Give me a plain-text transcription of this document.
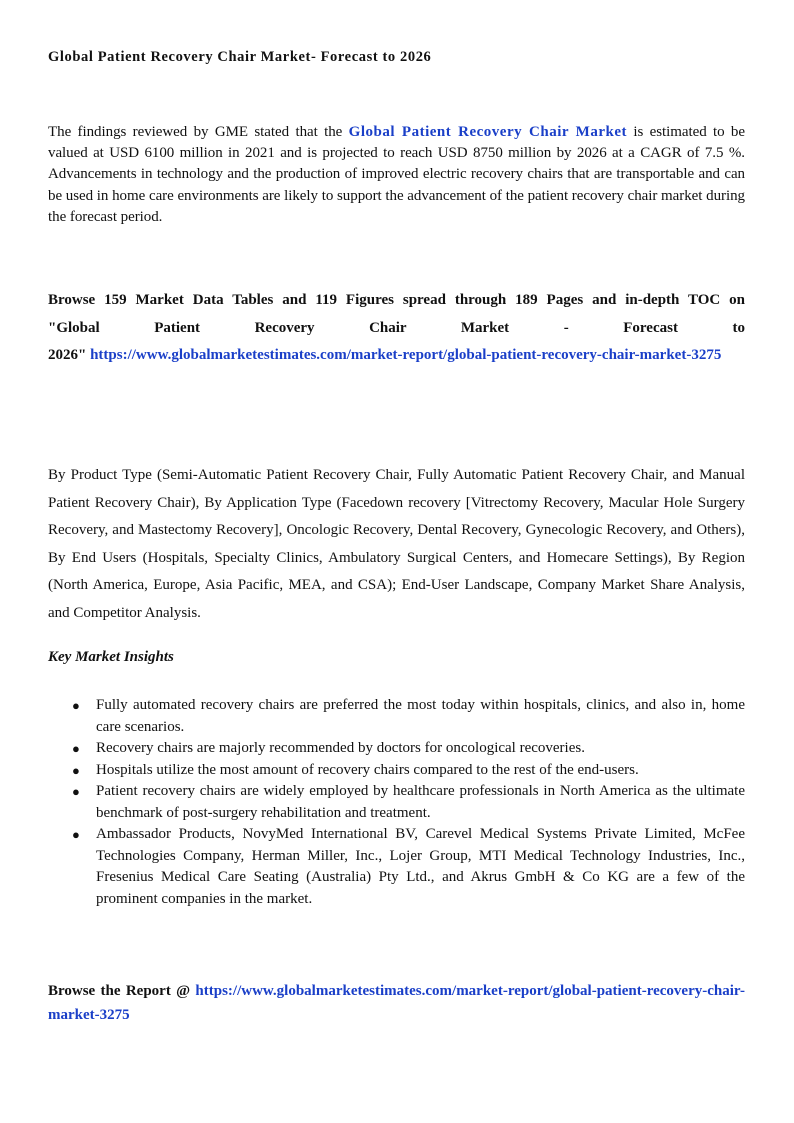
Global Patient Recovery Chair Market- Forecast to 2026

The findings reviewed by GME stated that the Global Patient Recovery Chair Market is estimated to be valued at USD 6100 million in 2021 and is projected to reach USD 8750 million by 2026 at a CAGR of 7.5 %. Advancements in technology and the production of improved electric recovery chairs that are transportable and can be used in home care environments are likely to support the advancement of the patient recovery chair market during the forecast period.

Browse 159 Market Data Tables and 119 Figures spread through 189 Pages and in-depth TOC on
"Global Patient Recovery Chair Market - Forecast to
2026" https://www.globalmarketestimates.com/market-report/global-patient-recovery-chair-market-3275

By Product Type (Semi-Automatic Patient Recovery Chair, Fully Automatic Patient Recovery Chair, and Manual Patient Recovery Chair), By Application Type (Facedown recovery [Vitrectomy Recovery, Macular Hole Surgery Recovery, and Mastectomy Recovery], Oncologic Recovery, Dental Recovery, Gynecologic Recovery, and Others), By End Users (Hospitals, Specialty Clinics, Ambulatory Surgical Centers, and Homecare Settings), By Region (North America, Europe, Asia Pacific, MEA, and CSA); End-User Landscape, Company Market Share Analysis, and Competitor Analysis.

Key Market Insights
● Fully automated recovery chairs are preferred the most today within hospitals, clinics, and also in, home care scenarios.
● Recovery chairs are majorly recommended by doctors for oncological recoveries.
● Hospitals utilize the most amount of recovery chairs compared to the rest of the end-users.
● Patient recovery chairs are widely employed by healthcare professionals in North America as the ultimate benchmark of post-surgery rehabilitation and treatment.
● Ambassador Products, NovyMed International BV, Carevel Medical Systems Private Limited, McFee Technologies Company, Herman Miller, Inc., Lojer Group, MTI Medical Technology Industries, Inc., Fresenius Medical Care Seating (Australia) Pty Ltd., and Akrus GmbH & Co KG are a few of the prominent companies in the market.

Browse the Report @ https://www.globalmarketestimates.com/market-report/global-patient-recovery-chair-market-3275
